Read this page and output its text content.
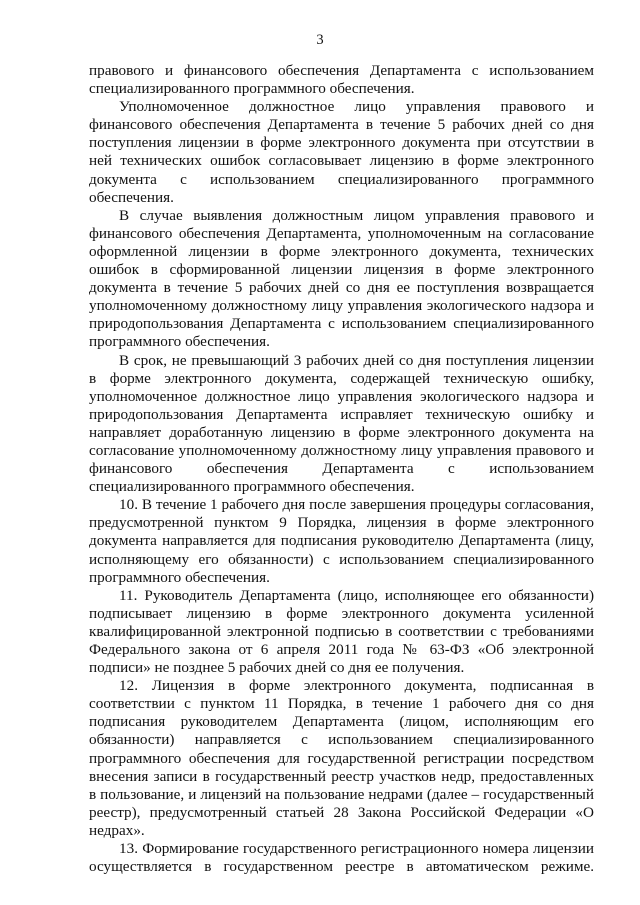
3

правового и финансового обеспечения Департамента с использованием специализированного программного обеспечения.

Уполномоченное должностное лицо управления правового и финансового обеспечения Департамента в течение 5 рабочих дней со дня поступления лицензии в форме электронного документа при отсутствии в ней технических ошибок согласовывает лицензию в форме электронного документа с использованием специализированного программного обеспечения.

В случае выявления должностным лицом управления правового и финансового обеспечения Департамента, уполномоченным на согласование оформленной лицензии в форме электронного документа, технических ошибок в сформированной лицензии лицензия в форме электронного документа в течение 5 рабочих дней со дня ее поступления возвращается уполномоченному должностному лицу управления экологического надзора и природопользования Департамента с использованием специализированного программного обеспечения.

В срок, не превышающий 3 рабочих дней со дня поступления лицензии в форме электронного документа, содержащей техническую ошибку, уполномоченное должностное лицо управления экологического надзора и природопользования Департамента исправляет техническую ошибку и направляет доработанную лицензию в форме электронного документа на согласование уполномоченному должностному лицу управления правового и финансового обеспечения Департамента с использованием специализированного программного обеспечения.

10. В течение 1 рабочего дня после завершения процедуры согласования, предусмотренной пунктом 9 Порядка, лицензия в форме электронного документа направляется для подписания руководителю Департамента (лицу, исполняющему его обязанности) с использованием специализированного программного обеспечения.

11. Руководитель Департамента (лицо, исполняющее его обязанности) подписывает лицензию в форме электронного документа усиленной квалифицированной электронной подписью в соответствии с требованиями Федерального закона от 6 апреля 2011 года № 63-ФЗ «Об электронной подписи» не позднее 5 рабочих дней со дня ее получения.

12. Лицензия в форме электронного документа, подписанная в соответствии с пунктом 11 Порядка, в течение 1 рабочего дня со дня подписания руководителем Департамента (лицом, исполняющим его обязанности) направляется с использованием специализированного программного обеспечения для государственной регистрации посредством внесения записи в государственный реестр участков недр, предоставленных в пользование, и лицензий на пользование недрами (далее – государственный реестр), предусмотренный статьей 28 Закона Российской Федерации «О недрах».

13. Формирование государственного регистрационного номера лицензии осуществляется в государственном реестре в автоматическом режиме.
